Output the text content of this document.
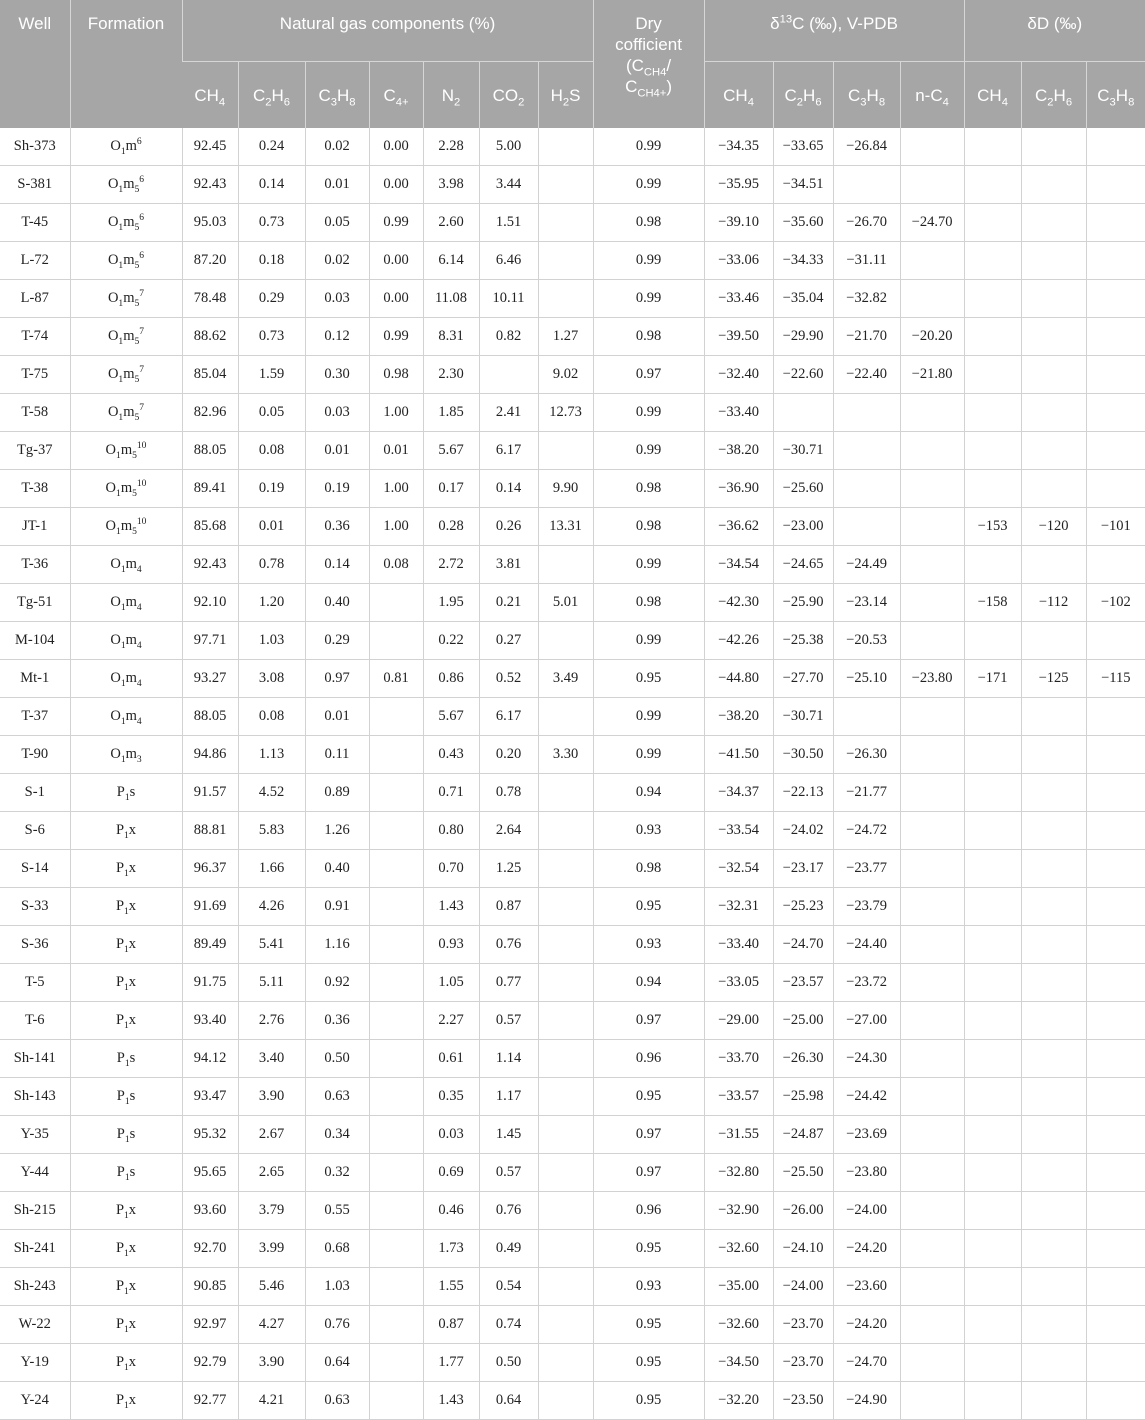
Well	Formation	Natural gas components (%)							Dry
cofficient
($C_{CH4}/$
$C_{CH4+}$)	$\delta^{13}C$ (‰), V-PDB				δD (‰)		
		$CH_4$	$C_2H_6$	$C_3H_8$	$C_{4+}$	$N_2$	$CO_2$	$H_2S$		$CH_4$	$C_2H_6$	$C_3H_8$	$n-C_4$	$CH_4$	$C_2H_6$	$C_3H_8$
Sh-373	$O_1m^6$	92.45	0.24	0.02	0.00	2.28	5.00		0.99	−34.35	−33.65	−26.84				
S-381	$O_1m_5^6$	92.43	0.14	0.01	0.00	3.98	3.44		0.99	−35.95	−34.51					
T-45	$O_1m_5^6$	95.03	0.73	0.05	0.99	2.60	1.51		0.98	−39.10	−35.60	−26.70	−24.70			
L-72	$O_1m_5^6$	87.20	0.18	0.02	0.00	6.14	6.46		0.99	−33.06	−34.33	−31.11				
L-87	$O_1m_5^7$	78.48	0.29	0.03	0.00	11.08	10.11		0.99	−33.46	−35.04	−32.82				
T-74	$O_1m_5^7$	88.62	0.73	0.12	0.99	8.31	0.82	1.27	0.98	−39.50	−29.90	−21.70	−20.20			
T-75	$O_1m_5^7$	85.04	1.59	0.30	0.98	2.30		9.02	0.97	−32.40	−22.60	−22.40	−21.80			
T-58	$O_1m_5^7$	82.96	0.05	0.03	1.00	1.85	2.41	12.73	0.99	−33.40						
Tg-37	$O_1m_5^{10}$	88.05	0.08	0.01	0.01	5.67	6.17		0.99	−38.20	−30.71					
T-38	$O_1m_5^{10}$	89.41	0.19	0.19	1.00	0.17	0.14	9.90	0.98	−36.90	−25.60					
JT-1	$O_1m_5^{10}$	85.68	0.01	0.36	1.00	0.28	0.26	13.31	0.98	−36.62	−23.00			−153	−120	−101
T-36	$O_1m_4$	92.43	0.78	0.14	0.08	2.72	3.81		0.99	−34.54	−24.65	−24.49				
Tg-51	$O_1m_4$	92.10	1.20	0.40		1.95	0.21	5.01	0.98	−42.30	−25.90	−23.14		−158	−112	−102
M-104	$O_1m_4$	97.71	1.03	0.29		0.22	0.27		0.99	−42.26	−25.38	−20.53				
Mt-1	$O_1m_4$	93.27	3.08	0.97	0.81	0.86	0.52	3.49	0.95	−44.80	−27.70	−25.10	−23.80	−171	−125	−115
T-37	$O_1m_4$	88.05	0.08	0.01		5.67	6.17		0.99	−38.20	−30.71					
T-90	$O_1m_3$	94.86	1.13	0.11		0.43	0.20	3.30	0.99	−41.50	−30.50	−26.30				
S-1	$P_1s$	91.57	4.52	0.89		0.71	0.78		0.94	−34.37	−22.13	−21.77				
S-6	$P_1x$	88.81	5.83	1.26		0.80	2.64		0.93	−33.54	−24.02	−24.72				
S-14	$P_1x$	96.37	1.66	0.40		0.70	1.25		0.98	−32.54	−23.17	−23.77				
S-33	$P_1x$	91.69	4.26	0.91		1.43	0.87		0.95	−32.31	−25.23	−23.79				
S-36	$P_1x$	89.49	5.41	1.16		0.93	0.76		0.93	−33.40	−24.70	−24.40				
T-5	$P_1x$	91.75	5.11	0.92		1.05	0.77		0.94	−33.05	−23.57	−23.72				
T-6	$P_1x$	93.40	2.76	0.36		2.27	0.57		0.97	−29.00	−25.00	−27.00				
Sh-141	$P_1s$	94.12	3.40	0.50		0.61	1.14		0.96	−33.70	−26.30	−24.30				
Sh-143	$P_1s$	93.47	3.90	0.63		0.35	1.17		0.95	−33.57	−25.98	−24.42				
Y-35	$P_1s$	95.32	2.67	0.34		0.03	1.45		0.97	−31.55	−24.87	−23.69				
Y-44	$P_1s$	95.65	2.65	0.32		0.69	0.57		0.97	−32.80	−25.50	−23.80				
Sh-215	$P_1x$	93.60	3.79	0.55		0.46	0.76		0.96	−32.90	−26.00	−24.00				
Sh-241	$P_1x$	92.70	3.99	0.68		1.73	0.49		0.95	−32.60	−24.10	−24.20				
Sh-243	$P_1x$	90.85	5.46	1.03		1.55	0.54		0.93	−35.00	−24.00	−23.60				
W-22	$P_1x$	92.97	4.27	0.76		0.87	0.74		0.95	−32.60	−23.70	−24.20				
Y-19	$P_1x$	92.79	3.90	0.64		1.77	0.50		0.95	−34.50	−23.70	−24.70				
Y-24	$P_1x$	92.77	4.21	0.63		1.43	0.64		0.95	−32.20	−23.50	−24.90				
